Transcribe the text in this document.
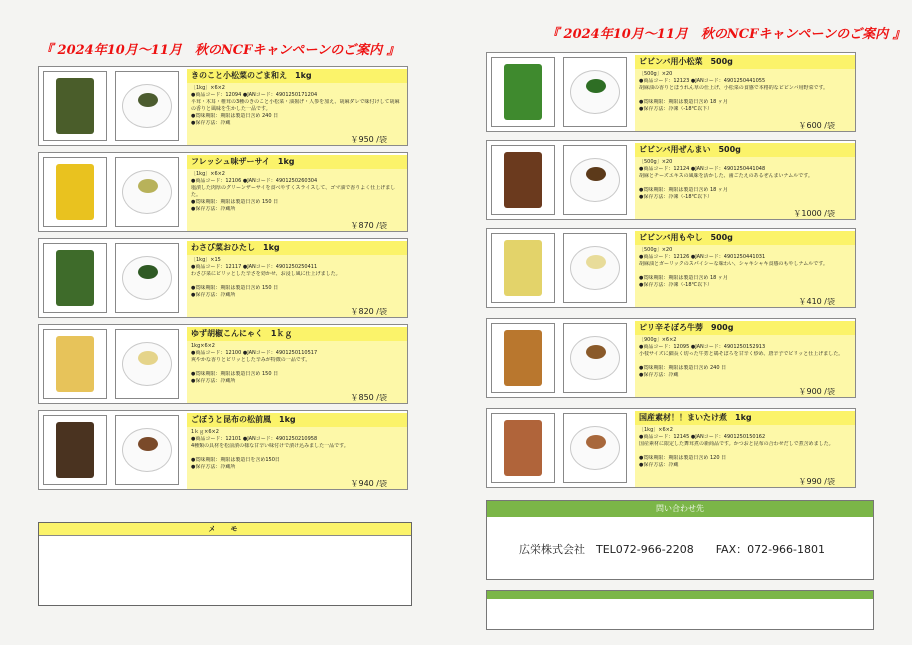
『 2024年10月～11月　秋のNCFキャンペーンのご案内 』
きのこと小松菜のごま和え　1kg
［1kg］×6×2
●商品コード：12094 ●JANコード：4901250171204
平茸・木耳・椎茸の3種のきのこと小松菜・油揚げ・人参を加え、胡麻ダレで味付けして胡麻の香りと風味を生かした一品です。
●賞味期限：期限は製造日含め 240 日
●保存方法：冷蔵
￥950 /袋
フレッシュ味ザーサイ　1kg
［1kg］×6×2
●商品コード：12106 ●JANコード：4901250260304
塩漬した肉厚のグリーンザーサイを食べやすくスライスして、ゴマ油で香りよく仕上げました。
●賞味期限：期限は製造日含め 150 日
●保存方法：冷蔵所
￥870 /袋
わさび菜おひたし　1kg
［1kg］×15
●商品コード：12117 ●JANコード：4901250250411
わさび菜にピリッとした辛さを効かせ、お浸し風に仕上げました。
●賞味期限：期限は製造日含め 150 日
●保存方法：冷蔵所
￥820 /袋
ゆず胡椒こんにゃく　1ｋｇ
1kg×6×2
●商品コード：12100 ●JANコード：4901250110517
爽やかな香りとピリッとした辛みが特徴の一品です。
●賞味期限：期限は製造日含め 150 日
●保存方法：冷蔵所
￥850 /袋
ごぼうと昆布の松前風　1kg
1ｋｇ×6×2
●商品コード：12101 ●JANコード：4901250210958
4種類の具材を松前漬の様な甘辛い味付けで漬け込みました一品です。
●賞味期限：期限は製造日を含め150日
●保存方法：冷蔵所
￥940 /袋
メ　モ
『 2024年10月～11月　秋のNCFキャンペーンのご案内 』
ビビンバ用小松菜　500g
［500g］×20
●商品コード：12123 ●JANコード：4901250441055
胡麻油の香りとほうれん草の仕上げ、小松菜の食感で本格的なビビンバ用野菜です。
●賞味期限：期限は製造日含め 18 ヶ月
●保存方法：冷凍（-18℃以下）
￥600 /袋
ビビンバ用ぜんまい　500g
［500g］×20
●商品コード：12124 ●JANコード：4901250441048
胡麻とチーズエキスの風味を活かした、歯ごたえのあるぜんまいナムルです。
●賞味期限：期限は製造日含め 18 ヶ月
●保存方法：冷凍（-18℃以下）
￥1000 /袋
ビビンバ用もやし　500g
［500g］×20
●商品コード：12126 ●JANコード：4901250441031
胡麻油とガーリックのスパイシーな味わい、シャキシャキ食感のもやしナムルです。
●賞味期限：期限は製造日含め 18 ヶ月
●保存方法：冷凍（-18℃以下）
￥410 /袋
ピリ辛そぼろ牛蒡　900g
［900g］×6×2
●商品コード：12095 ●JANコード：4901250152913
小枝サイズに細長く切った牛蒡と鶏そぼろを甘辛く炒め、唐辛子でピリッと仕上げました。
●賞味期限：期限は製造日含め 240 日
●保存方法：冷蔵
￥900 /袋
国産素材！！まいたけ煮　1kg
［1kg］×6×2
●商品コード：12145 ●JANコード：4901250150162
国産素材に限定した舞茸煮の新商品です。かつおと昆布の合わせだしで煮含めました。
●賞味期限：期限は製造日含め 120 日
●保存方法：冷蔵
￥990 /袋
問い合わせ先
広栄株式会社　TEL072-966-2208　　FAX：072-966-1801
